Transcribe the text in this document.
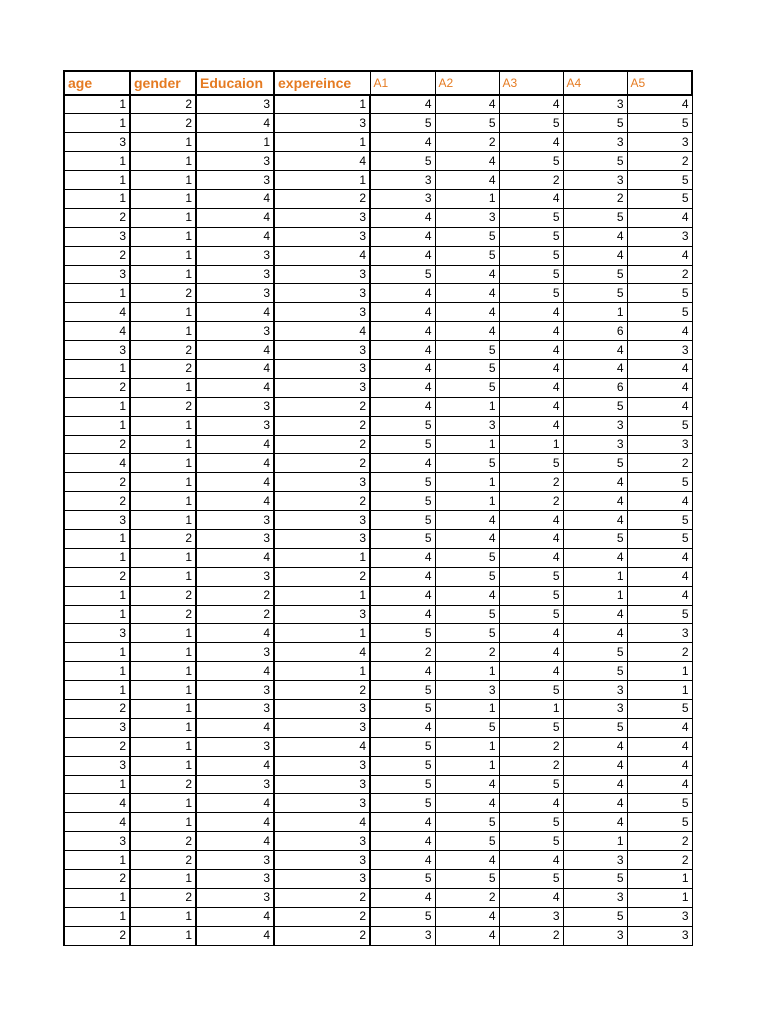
age	gender	Educaion	expereince	A1	A2	A3	A4	A5
1	2	3	1	4	4	4	3	4
1	2	4	3	5	5	5	5	5
3	1	1	1	4	2	4	3	3
1	1	3	4	5	4	5	5	2
1	1	3	1	3	4	2	3	5
1	1	4	2	3	1	4	2	5
2	1	4	3	4	3	5	5	4
3	1	4	3	4	5	5	4	3
2	1	3	4	4	5	5	4	4
3	1	3	3	5	4	5	5	2
1	2	3	3	4	4	5	5	5
4	1	4	3	4	4	4	1	5
4	1	3	4	4	4	4	6	4
3	2	4	3	4	5	4	4	3
1	2	4	3	4	5	4	4	4
2	1	4	3	4	5	4	6	4
1	2	3	2	4	1	4	5	4
1	1	3	2	5	3	4	3	5
2	1	4	2	5	1	1	3	3
4	1	4	2	4	5	5	5	2
2	1	4	3	5	1	2	4	5
2	1	4	2	5	1	2	4	4
3	1	3	3	5	4	4	4	5
1	2	3	3	5	4	4	5	5
1	1	4	1	4	5	4	4	4
2	1	3	2	4	5	5	1	4
1	2	2	1	4	4	5	1	4
1	2	2	3	4	5	5	4	5
3	1	4	1	5	5	4	4	3
1	1	3	4	2	2	4	5	2
1	1	4	1	4	1	4	5	1
1	1	3	2	5	3	5	3	1
2	1	3	3	5	1	1	3	5
3	1	4	3	4	5	5	5	4
2	1	3	4	5	1	2	4	4
3	1	4	3	5	1	2	4	4
1	2	3	3	5	4	5	4	4
4	1	4	3	5	4	4	4	5
4	1	4	4	4	5	5	4	5
3	2	4	3	4	5	5	1	2
1	2	3	3	4	4	4	3	2
2	1	3	3	5	5	5	5	1
1	2	3	2	4	2	4	3	1
1	1	4	2	5	4	3	5	3
2	1	4	2	3	4	2	3	3
